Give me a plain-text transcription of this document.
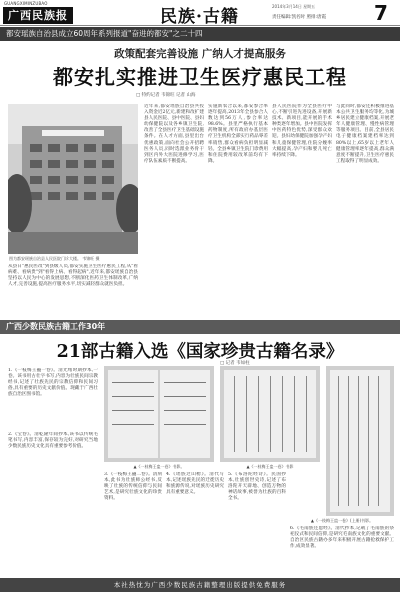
GUANGXIMINZUBAO
广西民族报	民族·古籍
2014年3月14日 星期五
责任编辑:凯名时 照排:唐霞	7
都安瑶族自治县成立60周年系列报道"奋进的都安"之二十四
政策配套完善设施 广纳人才提高服务
都安扎实推进卫生医疗惠民工程
□ 特约记者 韦锦旺 记者 山海
图为都安瑶族自治县人民医院门诊大楼。 韦锦旺 摄
从县日"惠民医改"到县级人员,都安实施卫生医疗惠民工程,从"看病难、看病贵"到"看得上病、看得起病",近年来,都安瑶族自治县坚持以人民为中心的发展思想,不断深化医药卫生体制改革,广纳人才,完善设施,提高医疗服务水平,切实减轻群众就医负担。
近年来,都安瑶族自治县共投入资金近2亿元,新建和改扩建县人民医院、县中医院、县妇幼保健院以及各乡镇卫生院,改善了全县医疗卫生基础设施条件。在人才方面,县里出台优惠政策,面向社会公开招聘医务人员,同时选派业务骨干到区内外大医院进修学习,医疗队伍素质不断提高。
实施新农合以来,都安参合率逐年提高,2013年全县参合人数达到56万人,参合率达98.6%。县里严格执行基本药物制度,所有政府办基层医疗卫生机构全部实行药品零差率销售,群众看病负担明显减轻。全县乡镇卫生院门诊费用和住院费用较改革前均有下降。
县人民医院作为全县医疗中心,不断引进先进设备,开展新技术、新项目,能开展的手术种类逐年增加。县中医院发挥中医药特色优势,深受群众欢迎。县妇幼保健院加强孕产妇和儿童保健管理,住院分娩率大幅提高,孕产妇和婴儿死亡率持续下降。
与此同时,都安还积极推进基本公共卫生服务均等化,为城乡居民建立健康档案,开展老年人健康管理、慢性病管理等服务项目。目前,全县居民电子健康档案建档率达到80%以上,65岁以上老年人健康管理率逐年提高,群众满意度不断提升,卫生医疗惠民工程取得了明显成效。
广西少数民族古籍工作30年
21部古籍入选《国家珍贵古籍名录》
□ 记者 韦如柱
1.《一枝梅王蛊一卷》。清光绪时期抄本,一卷。该书用古壮字书写,内容为壮族民间宗教经书,记述了壮族先民的宗教信仰和民间习俗,具有重要的历史文献价值。现藏于广西壮族自治区图书馆。
▲《一枝梅王蛊一卷》书影。	▲《一枝梅王蛊一卷》书影
▲《一枝梅王蛊一卷》(上册)书影。
2.《宝卷》。清乾隆年间抄本,该书以传统毛笔书写,内容丰富,保存较为完好,对研究当地少数民族历史文化具有重要参考价值。
3.《一枝梅王蛊二卷》。清刻本,此书为壮族师公经书,反映了壮族的传统信仰与民间艺术,是研究壮族文化的珍贵资料。
4.《瑶族过山榜》。清代写本,记述瑶族先民的迁徙历史和族源传说,对瑶族历史研究具有重要意义。
5.《布洛陀经诗》。民国抄本,壮族创世史诗,记述了布洛陀开天辟地、创造万物的神话故事,被誉为壮族的百科全书。
6.《毛南族还愿经》。清代抄本,记载了毛南族的祭祀仪式和民间信仰,是研究毛南族文化的重要文献。自治区民族古籍办多年来积极开展古籍抢救保护工作,成效显著。
本社热忱为广西少数民族古籍整理出版提供免费服务
